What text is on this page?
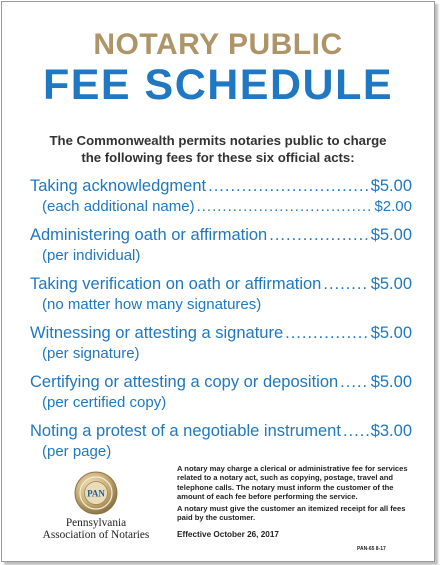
NOTARY PUBLIC
FEE SCHEDULE
The Commonwealth permits notaries public to charge
the following fees for these six official acts:
Taking acknowledgment .....	$5.00
(each additional name) .....	$2.00
Administering oath or affirmation .....	$5.00
(per individual)
Taking verification on oath or affirmation .....	$5.00
(no matter how many signatures)
Witnessing or attesting a signature .....	$5.00
(per signature)
Certifying or attesting a copy or deposition ..... $5.00
(per certified copy)
Noting a protest of a negotiable instrument ..... $3.00
(per page)
PAN
Pennsylvania
Association of Notaries

A notary may charge a clerical or administrative fee for services related to a notary act, such as copying, postage, travel and telephone calls. The notary must inform the customer of the amount of each fee before performing the service.

A notary must give the customer an itemized receipt for all fees paid by the customer.

Effective October 26, 2017
PAN-65 8-17
